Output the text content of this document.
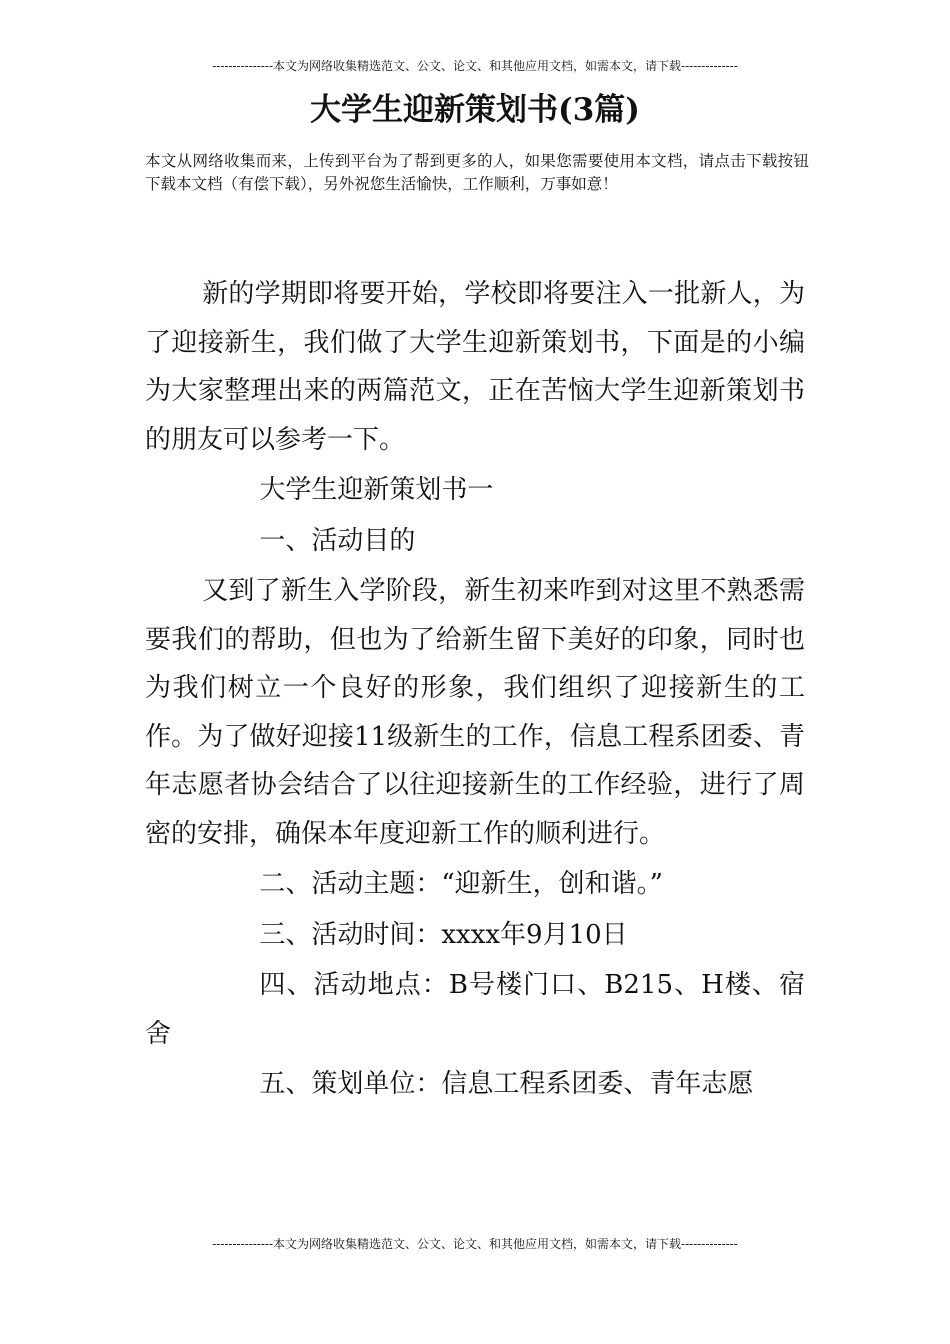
---------------本文为网络收集精选范文、公文、论文、和其他应用文档，如需本文，请下载--------------
大学生迎新策划书(3篇)
本文从网络收集而来，上传到平台为了帮到更多的人，如果您需要使用本文档，请点击下载按钮下载本文档（有偿下载），另外祝您生活愉快，工作顺利，万事如意！

新的学期即将要开始，学校即将要注入一批新人，为了迎接新生，我们做了大学生迎新策划书，下面是的小编为大家整理出来的两篇范文，正在苦恼大学生迎新策划书的朋友可以参考一下。

大学生迎新策划书一

一、活动目的

又到了新生入学阶段，新生初来咋到对这里不熟悉需要我们的帮助，但也为了给新生留下美好的印象，同时也为我们树立一个良好的形象，我们组织了迎接新生的工作。为了做好迎接11级新生的工作，信息工程系团委、青年志愿者协会结合了以往迎接新生的工作经验，进行了周密的安排，确保本年度迎新工作的顺利进行。

二、活动主题：“迎新生，创和谐。”

三、活动时间：xxxx年9月10日

四、活动地点：B号楼门口、B215、H楼、宿舍

五、策划单位：信息工程系团委、青年志愿

---------------本文为网络收集精选范文、公文、论文、和其他应用文档，如需本文，请下载--------------
